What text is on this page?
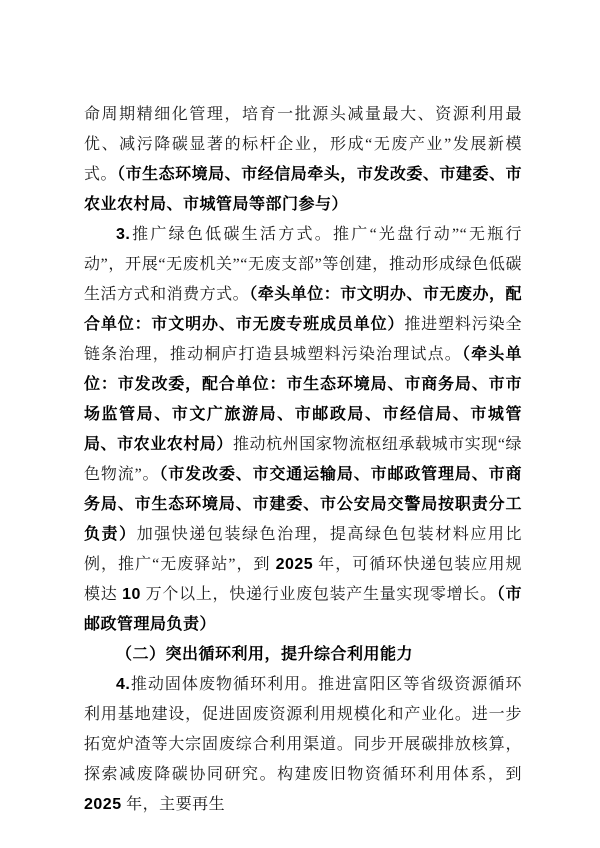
命周期精细化管理，培育一批源头减量最大、资源利用最优、减污降碳显著的标杆企业，形成“无废产业”发展新模式。（市生态环境局、市经信局牵头，市发改委、市建委、市农业农村局、市城管局等部门参与）

3.推广绿色低碳生活方式。推广“光盘行动”“无瓶行动”，开展“无废机关”“无废支部”等创建，推动形成绿色低碳生活方式和消费方式。（牵头单位：市文明办、市无废办，配合单位：市文明办、市无废专班成员单位）推进塑料污染全链条治理，推动桐庐打造县城塑料污染治理试点。（牵头单位：市发改委，配合单位：市生态环境局、市商务局、市市场监管局、市文广旅游局、市邮政局、市经信局、市城管局、市农业农村局）推动杭州国家物流枢纽承载城市实现“绿色物流”。（市发改委、市交通运输局、市邮政管理局、市商务局、市生态环境局、市建委、市公安局交警局按职责分工负责）加强快递包装绿色治理，提高绿色包装材料应用比例，推广“无废驿站”，到 2025 年，可循环快递包装应用规模达 10 万个以上，快递行业废包装产生量实现零增长。（市邮政管理局负责）

（二）突出循环利用，提升综合利用能力

4.推动固体废物循环利用。推进富阳区等省级资源循环利用基地建设，促进固废资源利用规模化和产业化。进一步拓宽炉渣等大宗固废综合利用渠道。同步开展碳排放核算，探索减废降碳协同研究。构建废旧物资循环利用体系，到 2025 年，主要再生
